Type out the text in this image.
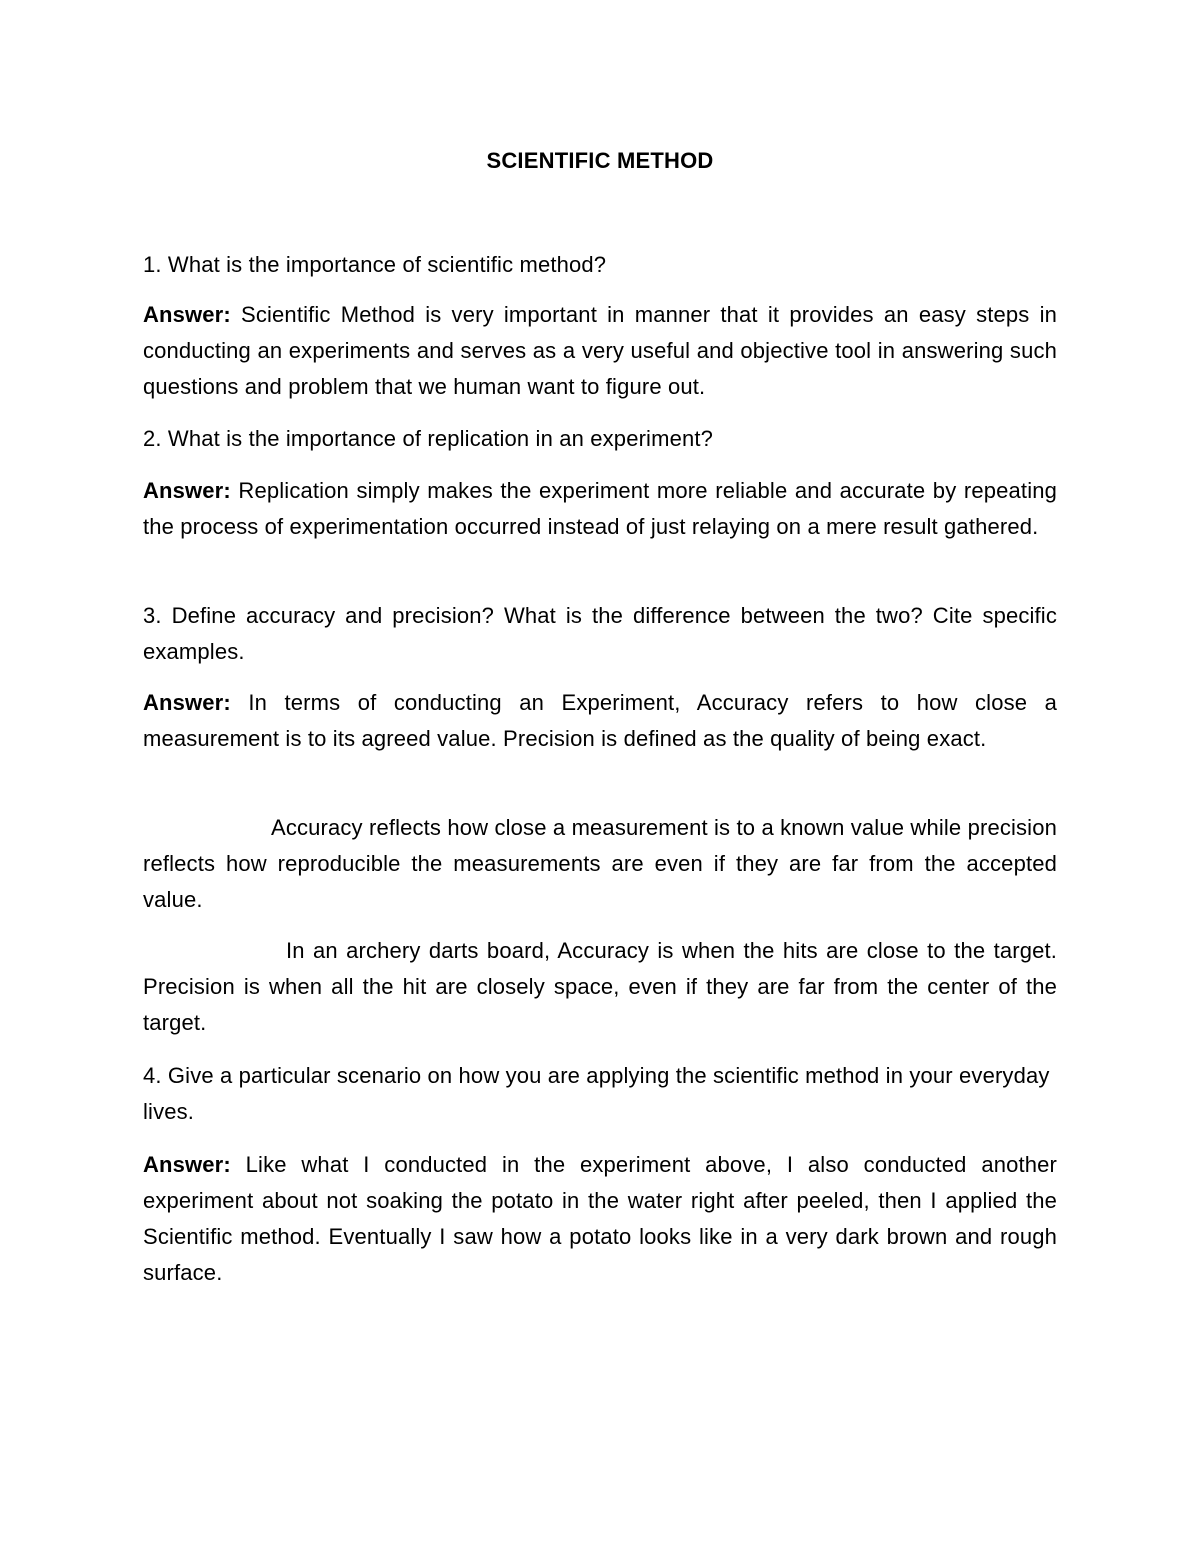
SCIENTIFIC METHOD

1. What is the importance of scientific method?

Answer: Scientific Method is very important in manner that it provides an easy steps in conducting an experiments and serves as a very useful and objective tool in answering such questions and problem that we human want to figure out.

2. What is the importance of replication in an experiment?

Answer: Replication simply makes the experiment more reliable and accurate by repeating the process of experimentation occurred instead of just relaying on a mere result gathered.

3. Define accuracy and precision? What is the difference between the two? Cite specific examples.

Answer: In terms of conducting an Experiment, Accuracy refers to how close a measurement is to its agreed value. Precision is defined as the quality of being exact.

Accuracy reflects how close a measurement is to a known value while precision reflects how reproducible the measurements are even if they are far from the accepted value.

In an archery darts board, Accuracy is when the hits are close to the target. Precision is when all the hit are closely space, even if they are far from the center of the target.

4. Give a particular scenario on how you are applying the scientific method in your everyday lives.

Answer: Like what I conducted in the experiment above, I also conducted another experiment about not soaking the potato in the water right after peeled, then I applied the Scientific method. Eventually I saw how a potato looks like in a very dark brown and rough surface.
